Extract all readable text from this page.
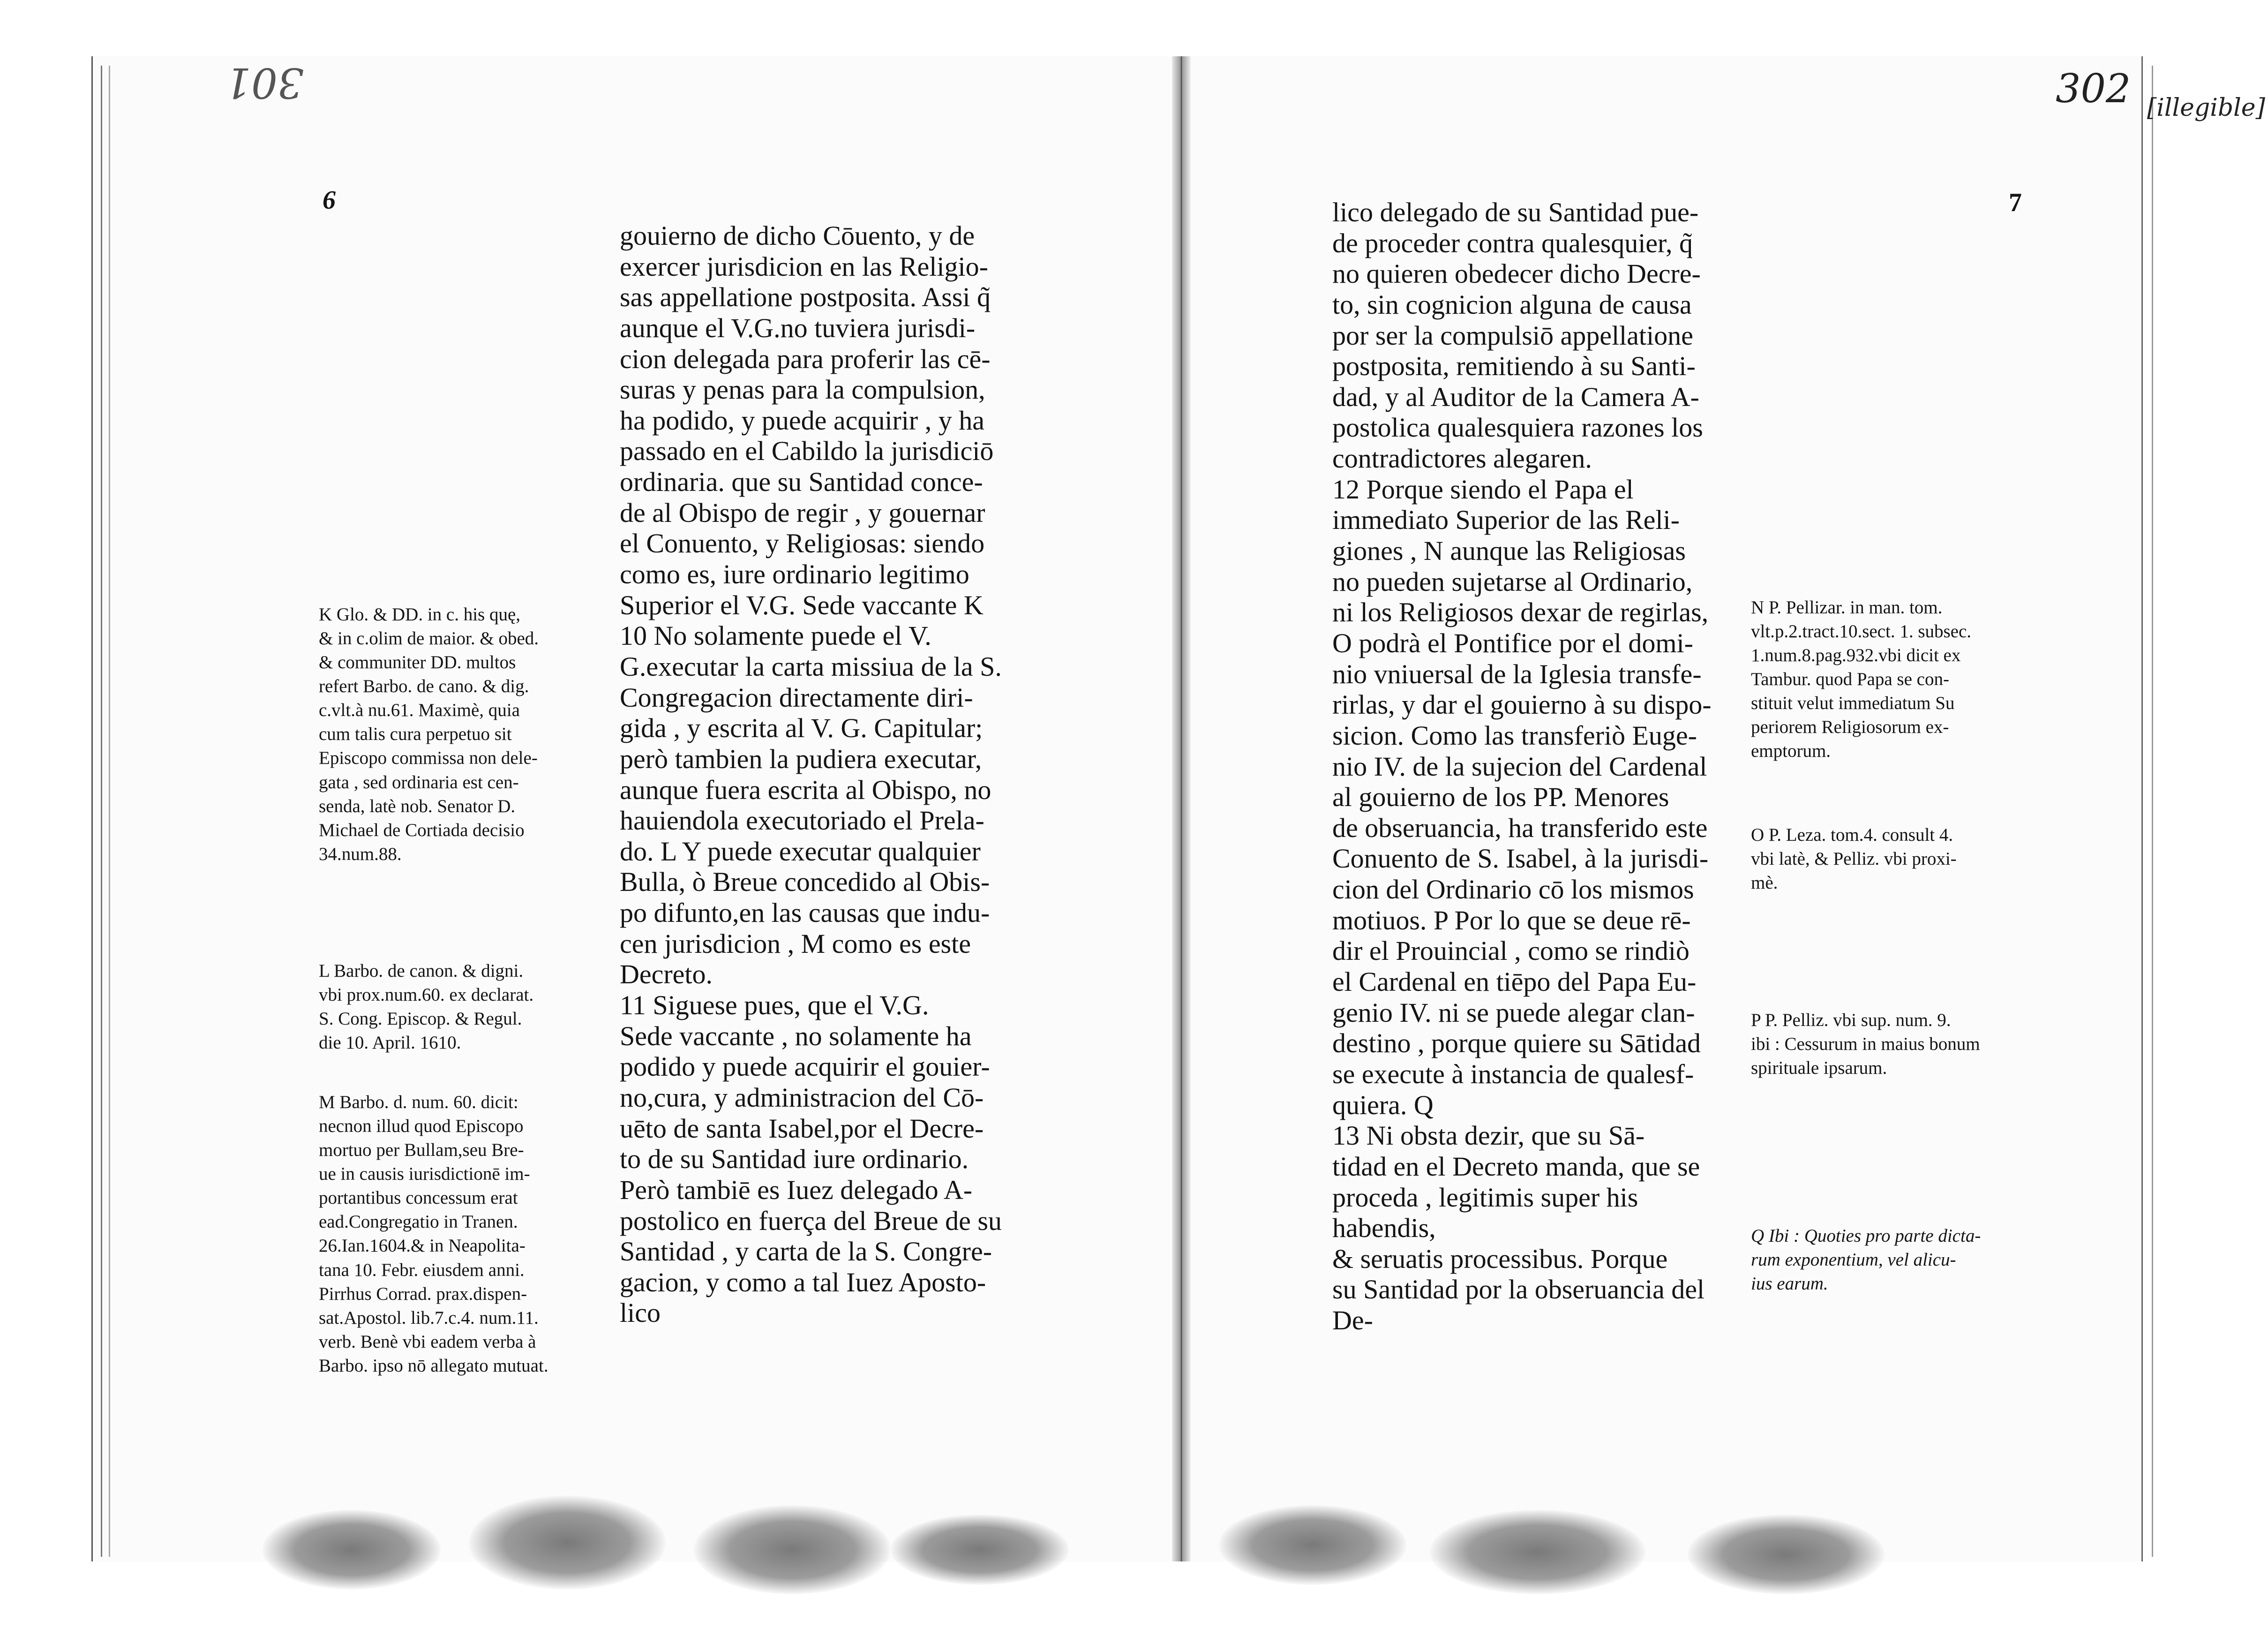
301	302 [illegible]
6	7

gouierno de dicho Cōuento, y de
exercer jurisdicion en las Religio-
sas appellatione postposita. Assi q̃
aunque el V.G.no tuviera jurisdi-
cion delegada para proferir las cē-
suras y penas para la compulsion,
ha podido, y puede acquirir , y ha
passado en el Cabildo la jurisdiciō
ordinaria. que su Santidad conce-
de al Obispo de regir , y gouernar
el Conuento, y Religiosas: siendo
como es, iure ordinario legitimo
Superior el V.G. Sede vaccante K
10 No solamente puede el V.
G.executar la carta missiua de la S.
Congregacion directamente diri-
gida , y escrita al V. G. Capitular;
però tambien la pudiera executar,
aunque fuera escrita al Obispo, no
hauiendola executoriado el Prela-
do. L Y puede executar qualquier
Bulla, ò Breue concedido al Obis-
po difunto,en las causas que indu-
cen jurisdicion , M como es este
Decreto.
11 Siguese pues, que el V.G.
Sede vaccante , no solamente ha
podido y puede acquirir el gouier-
no,cura, y administracion del Cō-
uēto de santa Isabel,por el Decre-
to de su Santidad iure ordinario.
Però tambiē es Iuez delegado A-
postolico en fuerça del Breue de su
Santidad , y carta de la S. Congre-
gacion, y como a tal Iuez Aposto-
lico

K Glo. & DD. in c. his quę,
& in c.olim de maior. & obed.
& communiter DD. multos
refert Barbo. de cano. & dig.
c.vlt.à nu.61. Maximè, quia
cum talis cura perpetuo sit
Episcopo commissa non dele-
gata , sed ordinaria est cen-
senda, latè nob. Senator D.
Michael de Cortiada decisio
34.num.88.

L Barbo. de canon. & digni.
vbi prox.num.60. ex declarat.
S. Cong. Episcop. & Regul.
die 10. April. 1610.

M Barbo. d. num. 60. dicit:
necnon illud quod Episcopo
mortuo per Bullam,seu Bre-
ue in causis iurisdictionē im-
portantibus concessum erat
ead.Congregatio in Tranen.
26.Ian.1604.& in Neapolita-
tana 10. Febr. eiusdem anni.
Pirrhus Corrad. prax.dispen-
sat.Apostol. lib.7.c.4. num.11.
verb. Benè vbi eadem verba à
Barbo. ipso nō allegato mutuat.

lico delegado de su Santidad pue-
de proceder contra qualesquier, q̃
no quieren obedecer dicho Decre-
to, sin cognicion alguna de causa
por ser la compulsiō appellatione
postposita, remitiendo à su Santi-
dad, y al Auditor de la Camera A-
postolica qualesquiera razones los
contradictores alegaren.
12 Porque siendo el Papa el
immediato Superior de las Reli-
giones , N aunque las Religiosas
no pueden sujetarse al Ordinario,
ni los Religiosos dexar de regirlas,
O podrà el Pontifice por el domi-
nio vniuersal de la Iglesia transfe-
rirlas, y dar el gouierno à su dispo-
sicion. Como las transferiò Euge-
nio IV. de la sujecion del Cardenal
al gouierno de los PP. Menores
de obseruancia, ha transferido este
Conuento de S. Isabel, à la jurisdi-
cion del Ordinario cō los mismos
motiuos. P Por lo que se deue rē-
dir el Prouincial , como se rindiò
el Cardenal en tiēpo del Papa Eu-
genio IV. ni se puede alegar clan-
destino , porque quiere su Sātidad
se execute à instancia de qualesf-
quiera. Q
13 Ni obsta dezir, que su Sā-
tidad en el Decreto manda, que se
proceda , legitimis super his habendis,
& seruatis processibus. Porque
su Santidad por la obseruancia del
De-

N P. Pellizar. in man. tom.
vlt.p.2.tract.10.sect. 1. subsec.
1.num.8.pag.932.vbi dicit ex
Tambur. quod Papa se con-
stituit velut immediatum Su
periorem Religiosorum ex-
emptorum.

O P. Leza. tom.4. consult 4.
vbi latè, & Pelliz. vbi proxi-
mè.

P P. Pelliz. vbi sup. num. 9.
ibi : Cessurum in maius bonum
spirituale ipsarum.

Q Ibi : Quoties pro parte dicta-
rum exponentium, vel alicu-
ius earum.
